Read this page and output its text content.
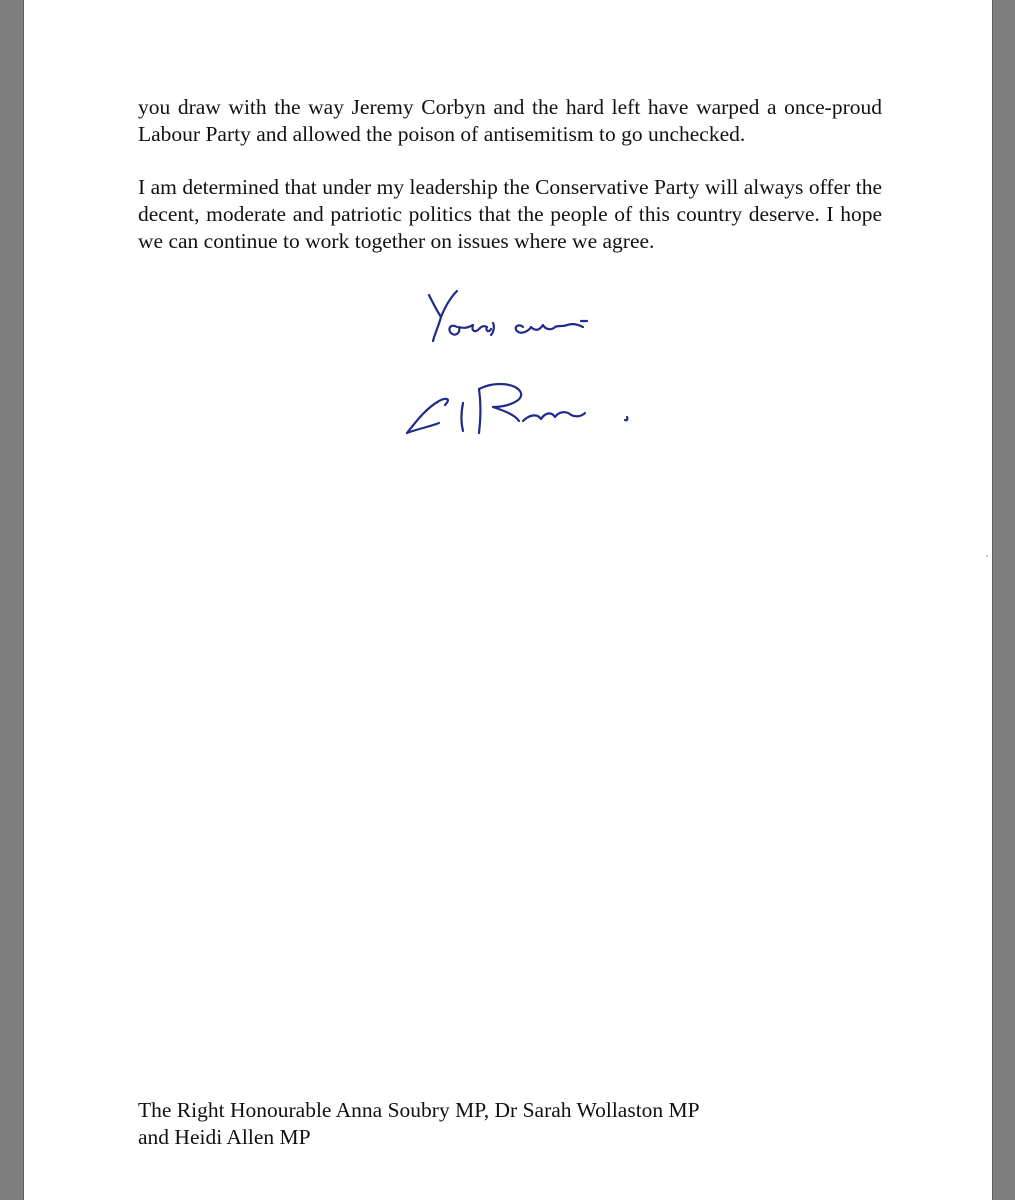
you draw with the way Jeremy Corbyn and the hard left have warped a once-proud Labour Party and allowed the poison of antisemitism to go unchecked.

I am determined that under my leadership the Conservative Party will always offer the decent, moderate and patriotic politics that the people of this country deserve. I hope we can continue to work together on issues where we agree.

The Right Honourable Anna Soubry MP, Dr Sarah Wollaston MP
and Heidi Allen MP
